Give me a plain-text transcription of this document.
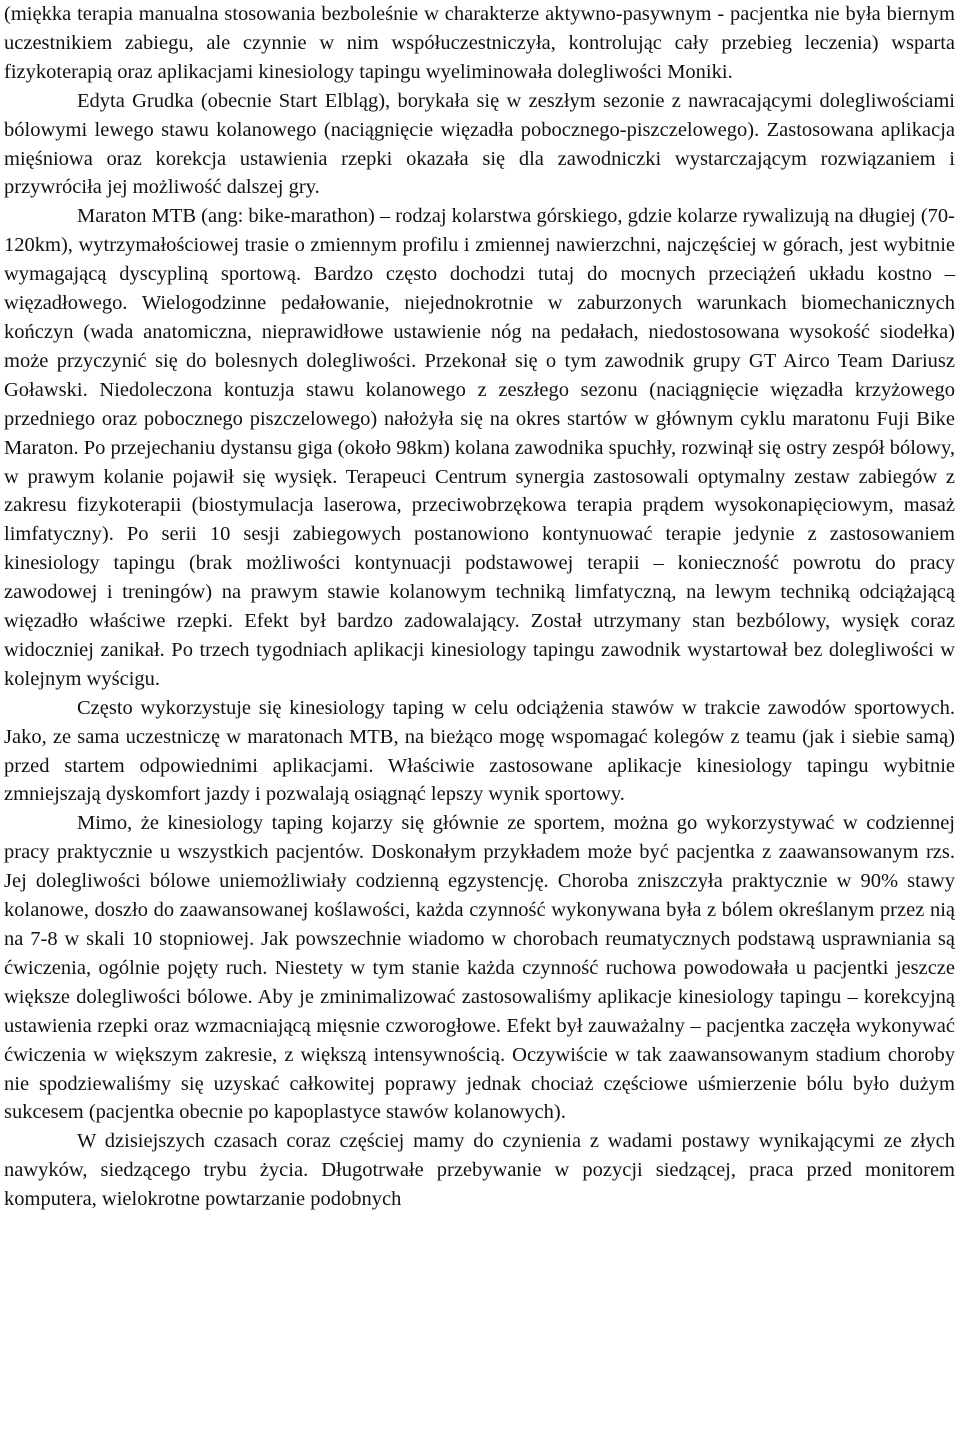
(miękka terapia manualna stosowania bezboleśnie w charakterze aktywno-pasywnym - pacjentka nie była biernym uczestnikiem zabiegu, ale czynnie w nim współuczestniczyła, kontrolując cały przebieg leczenia) wsparta fizykoterapią oraz aplikacjami kinesiology tapingu wyeliminowała dolegliwości Moniki.

Edyta Grudka (obecnie Start Elbląg), borykała się w zeszłym sezonie z nawracającymi dolegliwościami bólowymi lewego stawu kolanowego (naciągnięcie więzadła pobocznego-piszczelowego). Zastosowana aplikacja mięśniowa oraz korekcja ustawienia rzepki okazała się dla zawodniczki wystarczającym rozwiązaniem i przywróciła jej możliwość dalszej gry.

Maraton MTB (ang: bike-marathon) – rodzaj kolarstwa górskiego, gdzie kolarze rywalizują na długiej (70-120km), wytrzymałościowej trasie o zmiennym profilu i zmiennej nawierzchni, najczęściej w górach, jest wybitnie wymagającą dyscypliną sportową. Bardzo często dochodzi tutaj do mocnych przeciążeń układu kostno – więzadłowego. Wielogodzinne pedałowanie, niejednokrotnie w zaburzonych warunkach biomechanicznych kończyn (wada anatomiczna, nieprawidłowe ustawienie nóg na pedałach, niedostosowana wysokość siodełka) może przyczynić się do bolesnych dolegliwości. Przekonał się o tym zawodnik grupy GT Airco Team Dariusz Goławski. Niedoleczona kontuzja stawu kolanowego z zeszłego sezonu (naciągnięcie więzadła krzyżowego przedniego oraz pobocznego piszczelowego) nałożyła się na okres startów w głównym cyklu maratonu Fuji Bike Maraton. Po przejechaniu dystansu giga (około 98km) kolana zawodnika spuchły, rozwinął się ostry zespół bólowy, w prawym kolanie pojawił się wysięk. Terapeuci Centrum synergia zastosowali optymalny zestaw zabiegów z zakresu fizykoterapii (biostymulacja laserowa, przeciwobrzękowa terapia prądem wysokonapięciowym, masaż limfatyczny). Po serii 10 sesji zabiegowych postanowiono kontynuować terapie jedynie z zastosowaniem kinesiology tapingu (brak możliwości kontynuacji podstawowej terapii – konieczność powrotu do pracy zawodowej i treningów) na prawym stawie kolanowym techniką limfatyczną, na lewym techniką odciążającą więzadło właściwe rzepki. Efekt był bardzo zadowalający. Został utrzymany stan bezbólowy, wysięk coraz widoczniej zanikał. Po trzech tygodniach aplikacji kinesiology tapingu zawodnik wystartował bez dolegliwości w kolejnym wyścigu.

Często wykorzystuje się kinesiology taping w celu odciążenia stawów w trakcie zawodów sportowych. Jako, ze sama uczestniczę w maratonach MTB, na bieżąco mogę wspomagać kolegów z teamu (jak i siebie samą) przed startem odpowiednimi aplikacjami. Właściwie zastosowane aplikacje kinesiology tapingu wybitnie zmniejszają dyskomfort jazdy i pozwalają osiągnąć lepszy wynik sportowy.

Mimo, że kinesiology taping kojarzy się głównie ze sportem, można go wykorzystywać w codziennej pracy praktycznie u wszystkich pacjentów. Doskonałym przykładem może być pacjentka z zaawansowanym rzs. Jej dolegliwości bólowe uniemożliwiały codzienną egzystencję. Choroba zniszczyła praktycznie w 90% stawy kolanowe, doszło do zaawansowanej koślawości, każda czynność wykonywana była z bólem określanym przez nią na 7-8 w skali 10 stopniowej. Jak powszechnie wiadomo w chorobach reumatycznych podstawą usprawniania są ćwiczenia, ogólnie pojęty ruch. Niestety w tym stanie każda czynność ruchowa powodowała u pacjentki jeszcze większe dolegliwości bólowe. Aby je zminimalizować zastosowaliśmy aplikacje kinesiology tapingu – korekcyjną ustawienia rzepki oraz wzmacniającą mięsnie czworogłowe. Efekt był zauważalny – pacjentka zaczęła wykonywać ćwiczenia w większym zakresie, z większą intensywnością. Oczywiście w tak zaawansowanym stadium choroby nie spodziewaliśmy się uzyskać całkowitej poprawy jednak chociaż częściowe uśmierzenie bólu było dużym sukcesem (pacjentka obecnie po kapoplastyce stawów kolanowych).

W dzisiejszych czasach coraz częściej mamy do czynienia z wadami postawy wynikającymi ze złych nawyków, siedzącego trybu życia. Długotrwałe przebywanie w pozycji siedzącej, praca przed monitorem komputera, wielokrotne powtarzanie podobnych
